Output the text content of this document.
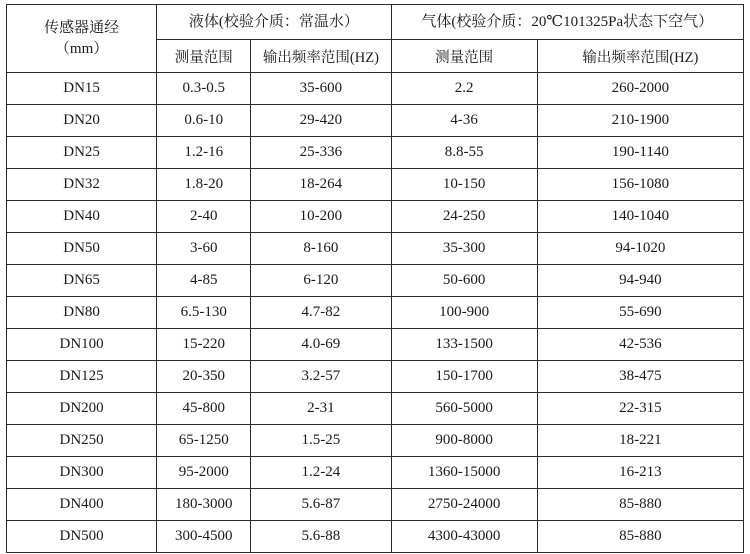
传感器通经
（mm）	液体(校验介质：常温水）		气体(校验介质：20℃101325Pa状态下空气）	
	测量范围	输出频率范围(HZ)	测量范围	输出频率范围(HZ)
DN15	0.3-0.5	35-600	2.2	260-2000
DN20	0.6-10	29-420	4-36	210-1900
DN25	1.2-16	25-336	8.8-55	190-1140
DN32	1.8-20	18-264	10-150	156-1080
DN40	2-40	10-200	24-250	140-1040
DN50	3-60	8-160	35-300	94-1020
DN65	4-85	6-120	50-600	94-940
DN80	6.5-130	4.7-82	100-900	55-690
DN100	15-220	4.0-69	133-1500	42-536
DN125	20-350	3.2-57	150-1700	38-475
DN200	45-800	2-31	560-5000	22-315
DN250	65-1250	1.5-25	900-8000	18-221
DN300	95-2000	1.2-24	1360-15000	16-213
DN400	180-3000	5.6-87	2750-24000	85-880
DN500	300-4500	5.6-88	4300-43000	85-880
